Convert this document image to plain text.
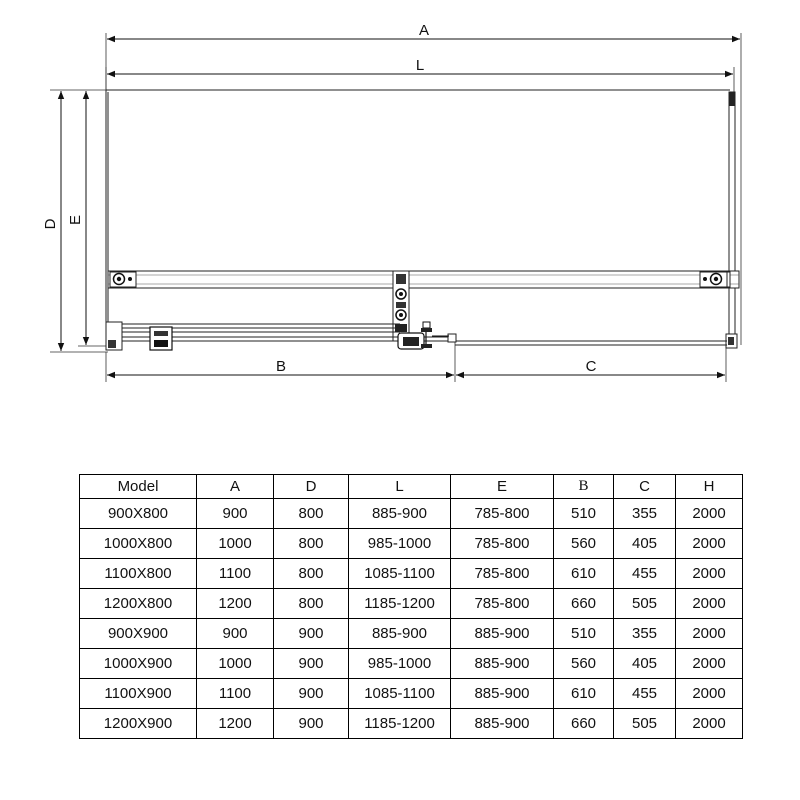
A
L
D E
B	C
Model	A	D	L	E	B	C	H
900X800	900	800	885-900	785-800	510	355	2000
1000X800	1000	800	985-1000	785-800	560	405	2000
1100X800	1100	800	1085-1100	785-800	610	455	2000
1200X800	1200	800	1185-1200	785-800	660	505	2000
900X900	900	900	885-900	885-900	510	355	2000
1000X900	1000	900	985-1000	885-900	560	405	2000
1100X900	1100	900	1085-1100	885-900	610	455	2000
1200X900	1200	900	1185-1200	885-900	660	505	2000
